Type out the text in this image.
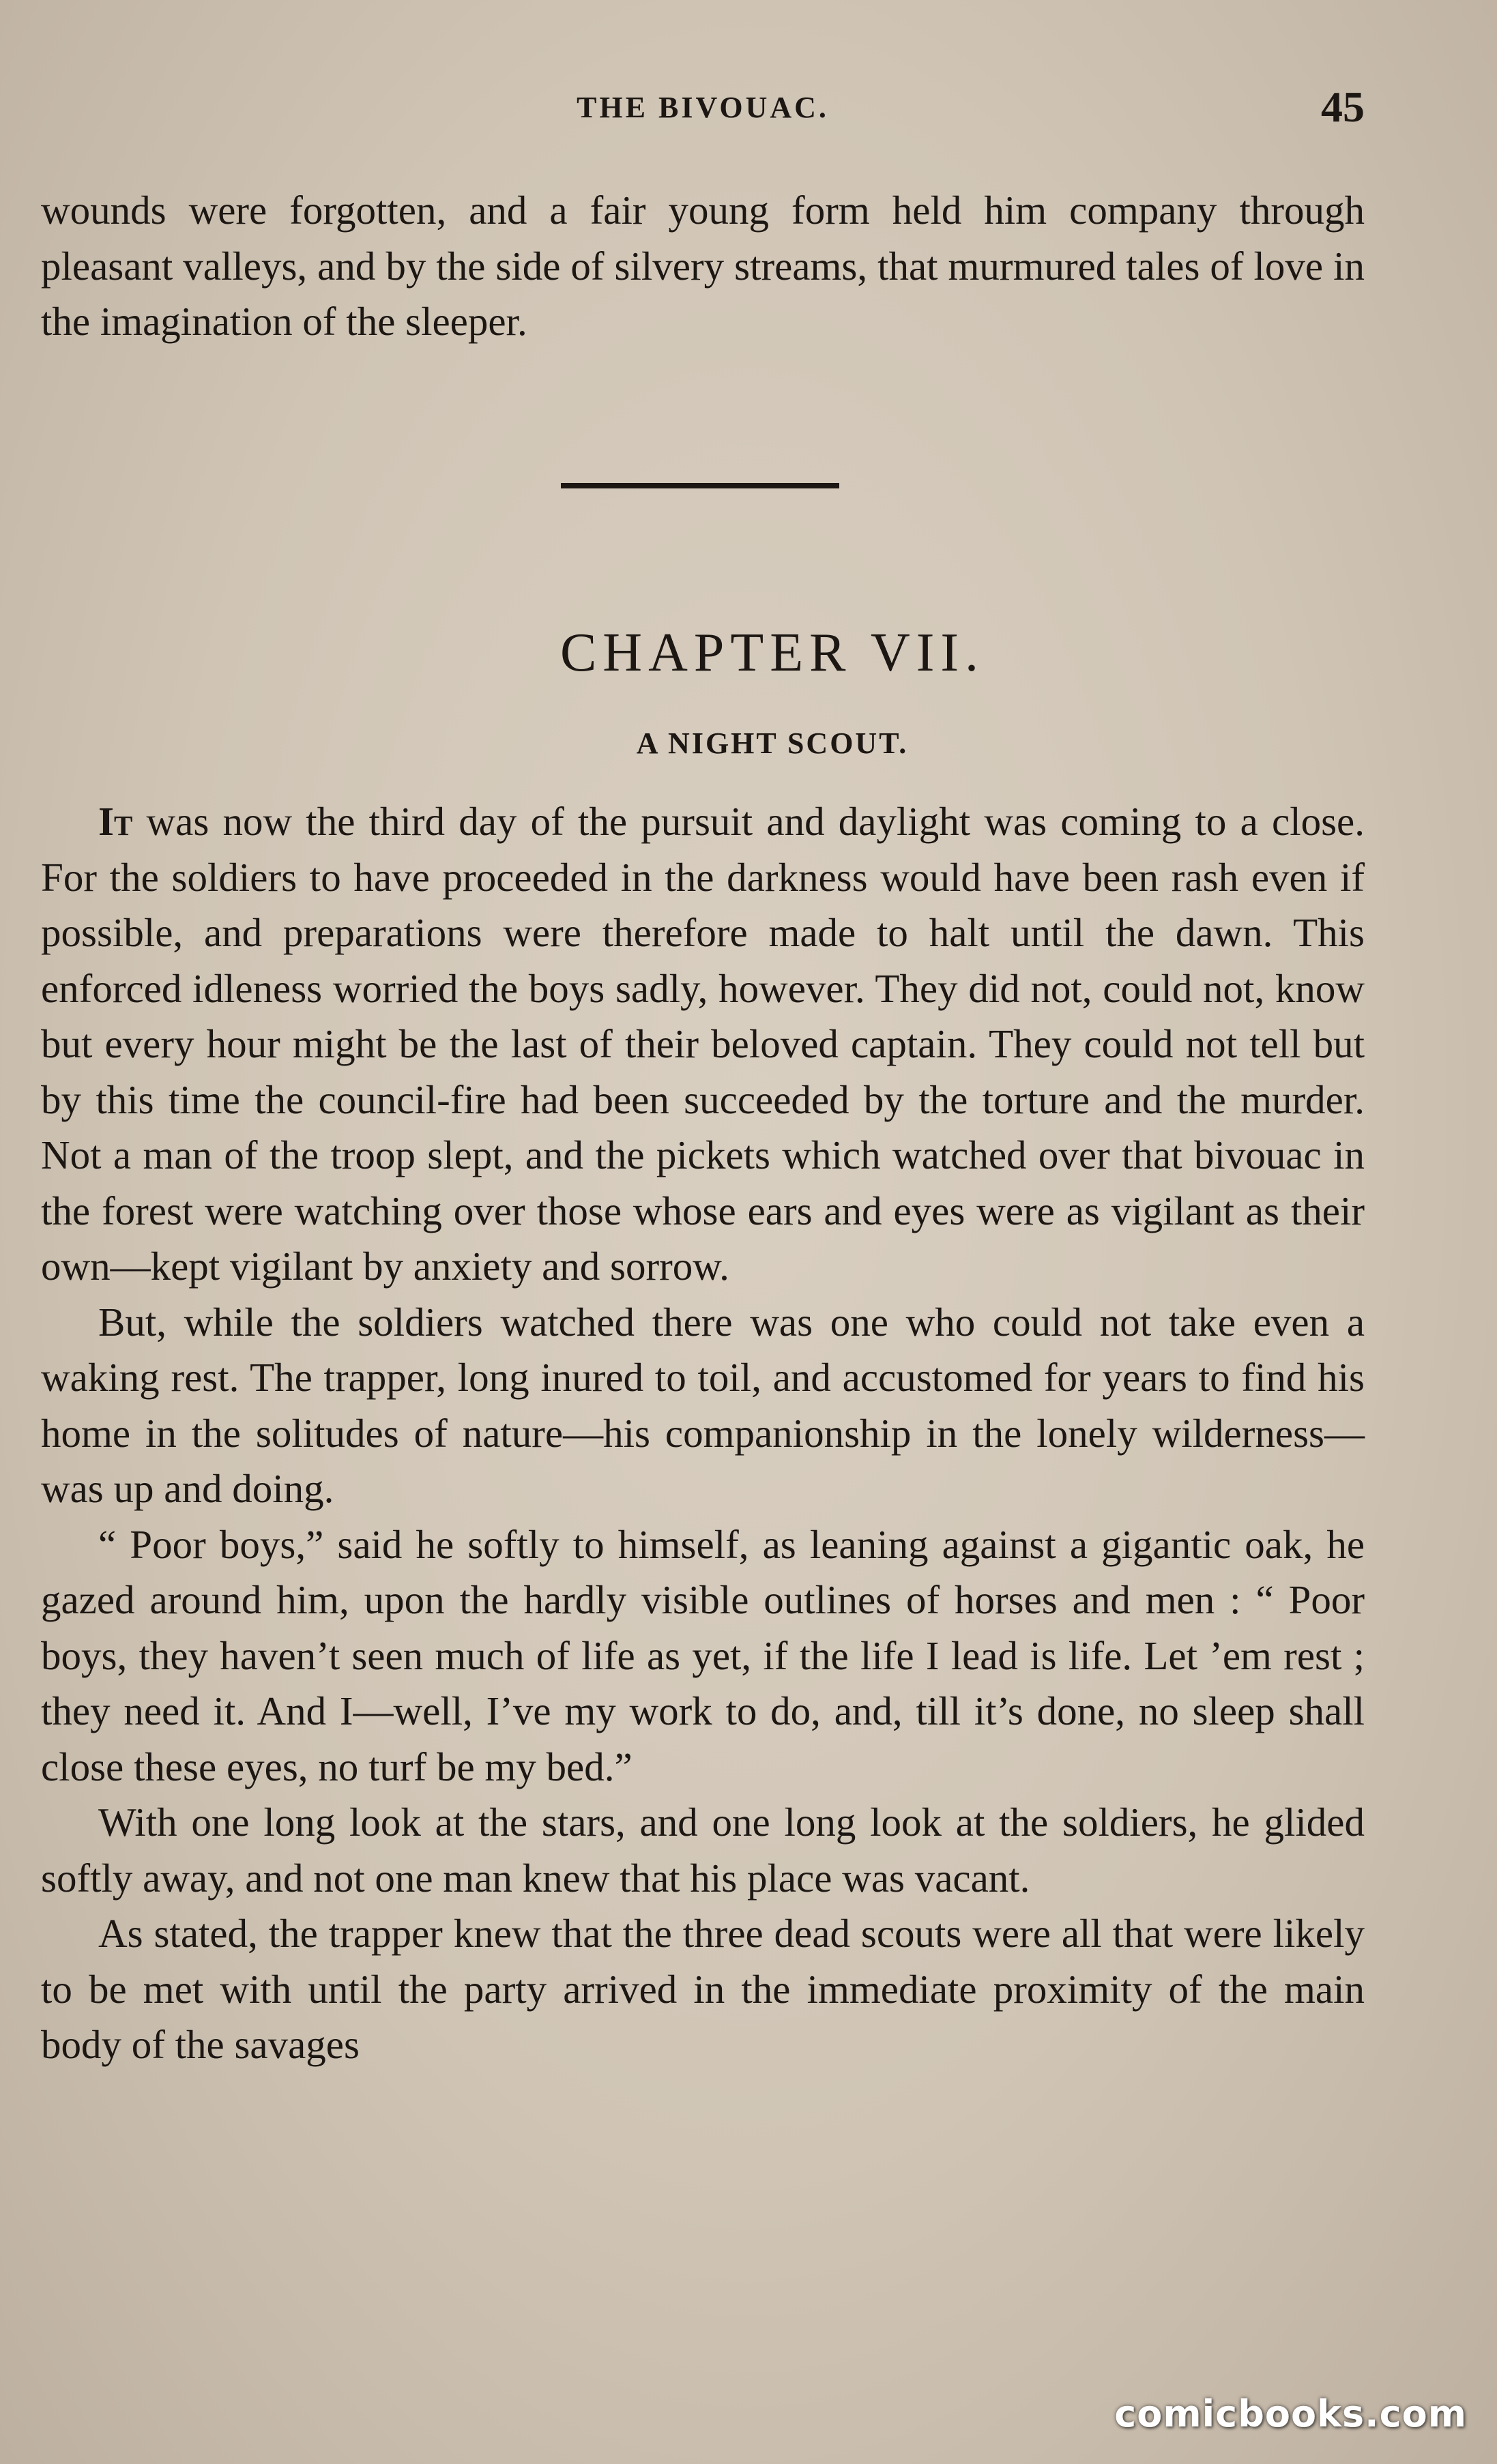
THE BIVOUAC.	45

wounds were forgotten, and a fair young form held him company through pleasant valleys, and by the side of silvery streams, that murmured tales of love in the imagination of the sleeper.

CHAPTER VII.
A NIGHT SCOUT.

It was now the third day of the pursuit and daylight was coming to a close. For the soldiers to have proceeded in the darkness would have been rash even if possible, and preparations were therefore made to halt until the dawn. This enforced idleness worried the boys sadly, however. They did not, could not, know but every hour might be the last of their beloved captain. They could not tell but by this time the council-fire had been succeeded by the torture and the murder. Not a man of the troop slept, and the pickets which watched over that bivouac in the forest were watching over those whose ears and eyes were as vigilant as their own—kept vigilant by anxiety and sorrow.

But, while the soldiers watched there was one who could not take even a waking rest. The trapper, long inured to toil, and accustomed for years to find his home in the solitudes of nature—his companionship in the lonely wilderness—was up and doing.

“ Poor boys,” said he softly to himself, as leaning against a gigantic oak, he gazed around him, upon the hardly visible outlines of horses and men : “ Poor boys, they haven’t seen much of life as yet, if the life I lead is life. Let ’em rest ; they need it. And I—well, I’ve my work to do, and, till it’s done, no sleep shall close these eyes, no turf be my bed.”

With one long look at the stars, and one long look at the soldiers, he glided softly away, and not one man knew that his place was vacant.

As stated, the trapper knew that the three dead scouts were all that were likely to be met with until the party arrived in the immediate proximity of the main body of the savages

comicbooks.com
